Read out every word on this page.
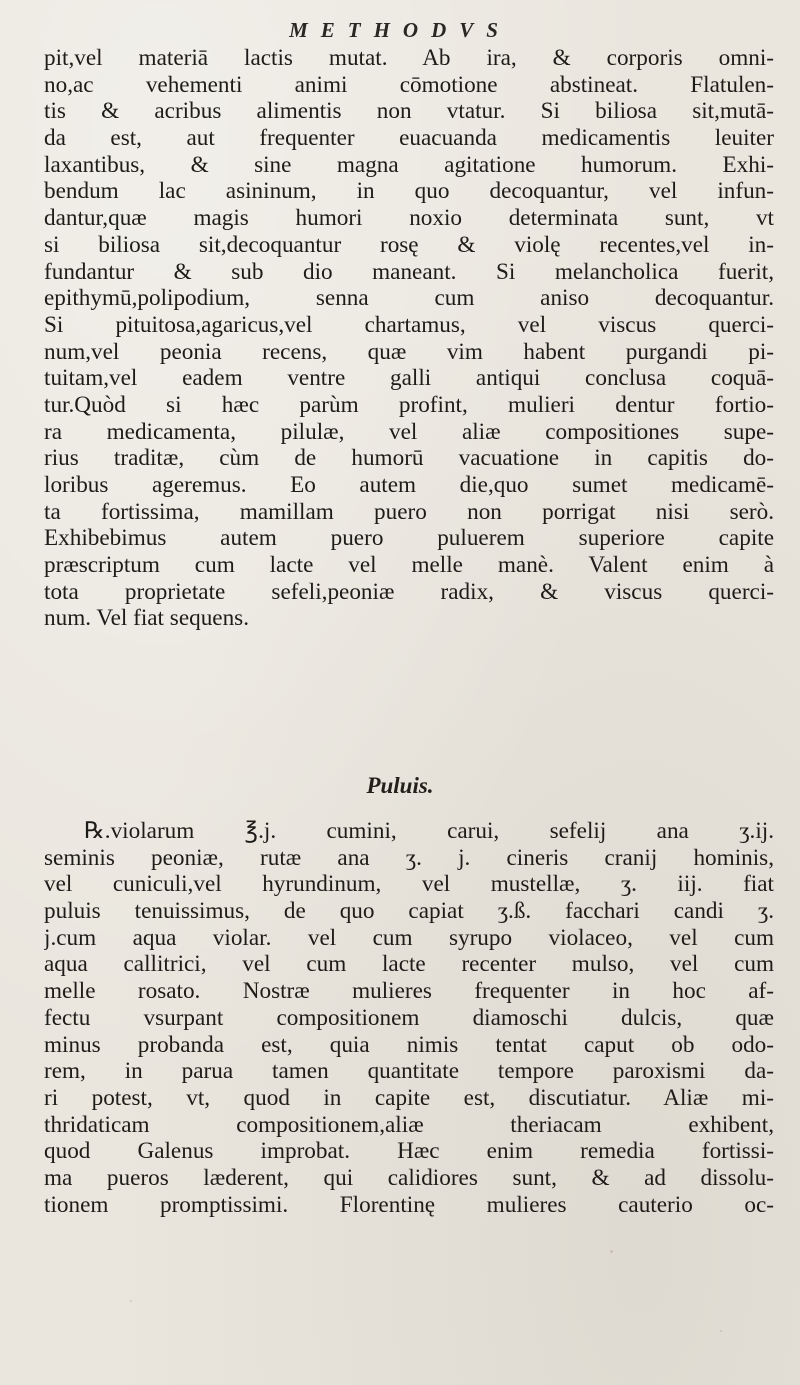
METHODVS
pit,vel materiā lactis mutat. Ab ira, & corporis omni-
no,ac vehementi animi cōmotione abstineat. Flatulen-
tis & acribus alimentis non vtatur. Si biliosa sit,mutā-
da est, aut frequenter euacuanda medicamentis leuiter
laxantibus, & sine magna agitatione humorum. Exhi-
bendum lac asininum, in quo decoquantur, vel infun-
dantur,quæ magis humori noxio determinata sunt, vt
si biliosa sit,decoquantur rosę & violę recentes,vel in-
fundantur & sub dio maneant. Si melancholica fuerit,
epithymū,polipodium, senna cum aniso decoquantur.
Si pituitosa,agaricus,vel chartamus, vel viscus querci-
num,vel peonia recens, quæ vim habent purgandi pi-
tuitam,vel eadem ventre galli antiqui conclusa coquā-
tur.Quòd si hæc parùm profint, mulieri dentur fortio-
ra medicamenta, pilulæ, vel aliæ compositiones supe-
rius traditæ, cùm de humorū vacuatione in capitis do-
loribus ageremus. Eo autem die,quo sumet medicamē-
ta fortissima, mamillam puero non porrigat nisi serò.
Exhibebimus autem puero puluerem superiore capite
præscriptum cum lacte vel melle manè. Valent enim à
tota proprietate sefeli,peoniæ radix, & viscus querci-
num. Vel fiat sequens.
Puluis.
℞.violarum ℥.j. cumini, carui, sefelij ana ʒ.ij.
seminis peoniæ, rutæ ana ʒ. j. cineris cranij hominis,
vel cuniculi,vel hyrundinum, vel mustellæ, ʒ. iij. fiat
puluis tenuissimus, de quo capiat ʒ.ß. facchari candi ʒ.
j.cum aqua violar. vel cum syrupo violaceo, vel cum
aqua callitrici, vel cum lacte recenter mulso, vel cum
melle rosato. Nostræ mulieres frequenter in hoc af-
fectu vsurpant compositionem diamoschi dulcis, quæ
minus probanda est, quia nimis tentat caput ob odo-
rem, in parua tamen quantitate tempore paroxismi da-
ri potest, vt, quod in capite est, discutiatur. Aliæ mi-
thridaticam compositionem,aliæ theriacam exhibent,
quod Galenus improbat. Hæc enim remedia fortissi-
ma pueros læderent, qui calidiores sunt, & ad dissolu-
tionem promptissimi. Florentinę mulieres cauterio oc-
